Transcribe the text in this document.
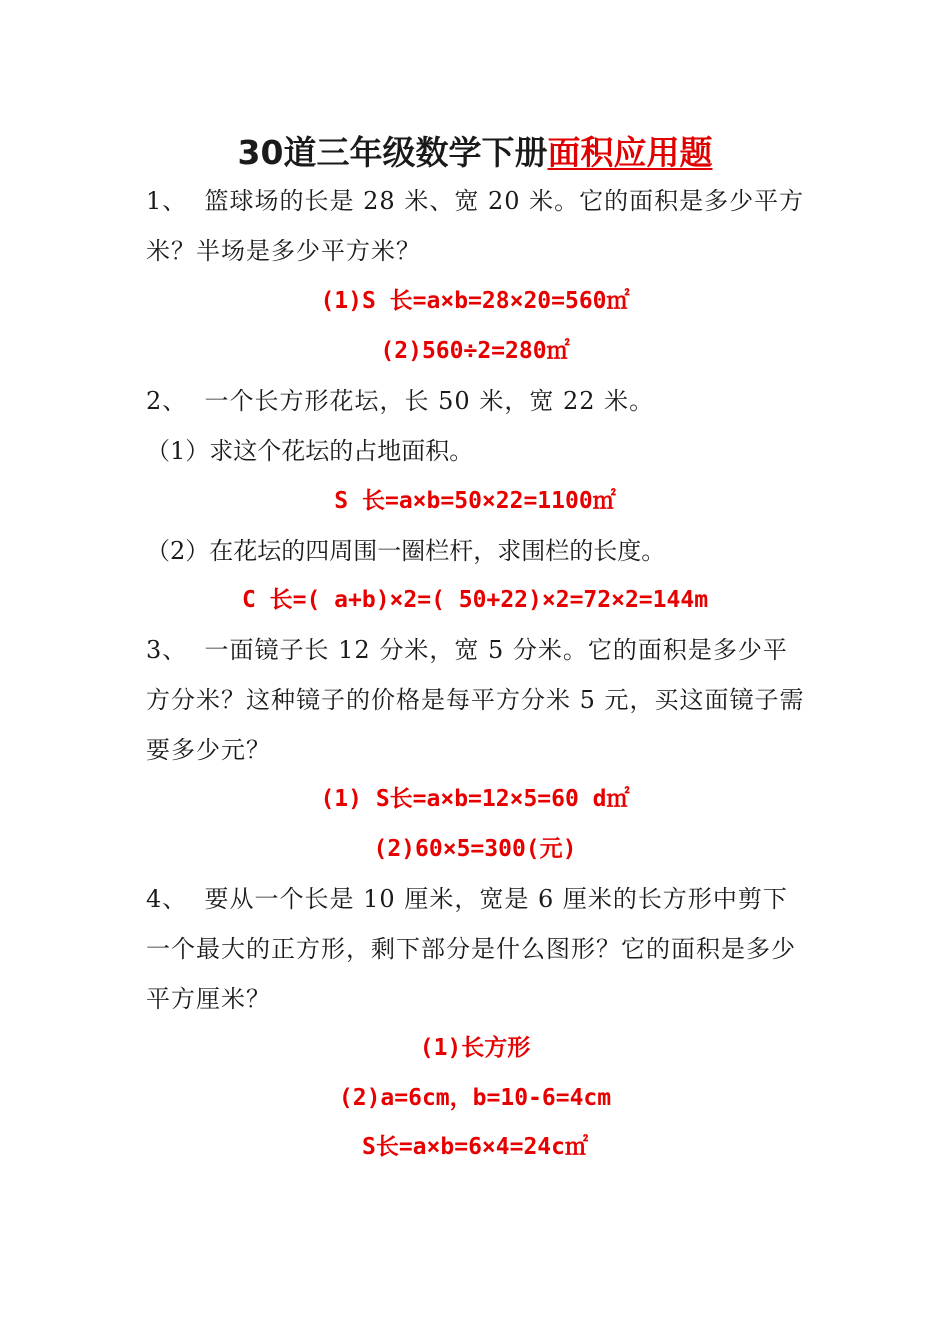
30道三年级数学下册面积应用题
1、  篮球场的长是 28 米、宽 20 米。它的面积是多少平方米？半场是多少平方米？
(1)S 长=a×b=28×20=560㎡
(2)560÷2=280㎡
2、  一个长方形花坛，长 50 米，宽 22 米。
（1）求这个花坛的占地面积。
S 长=a×b=50×22=1100㎡
（2）在花坛的四周围一圈栏杆，求围栏的长度。
C 长=( a+b)×2=( 50+22)×2=72×2=144m
3、  一面镜子长 12 分米，宽 5 分米。它的面积是多少平方分米？这种镜子的价格是每平方分米 5 元，买这面镜子需要多少元？
(1) S长=a×b=12×5=60 d㎡
(2)60×5=300(元)
4、  要从一个长是 10 厘米，宽是 6 厘米的长方形中剪下一个最大的正方形，剩下部分是什么图形？它的面积是多少平方厘米？
(1)长方形
(2)a=6cm，b=10-6=4cm
S长=a×b=6×4=24c㎡
